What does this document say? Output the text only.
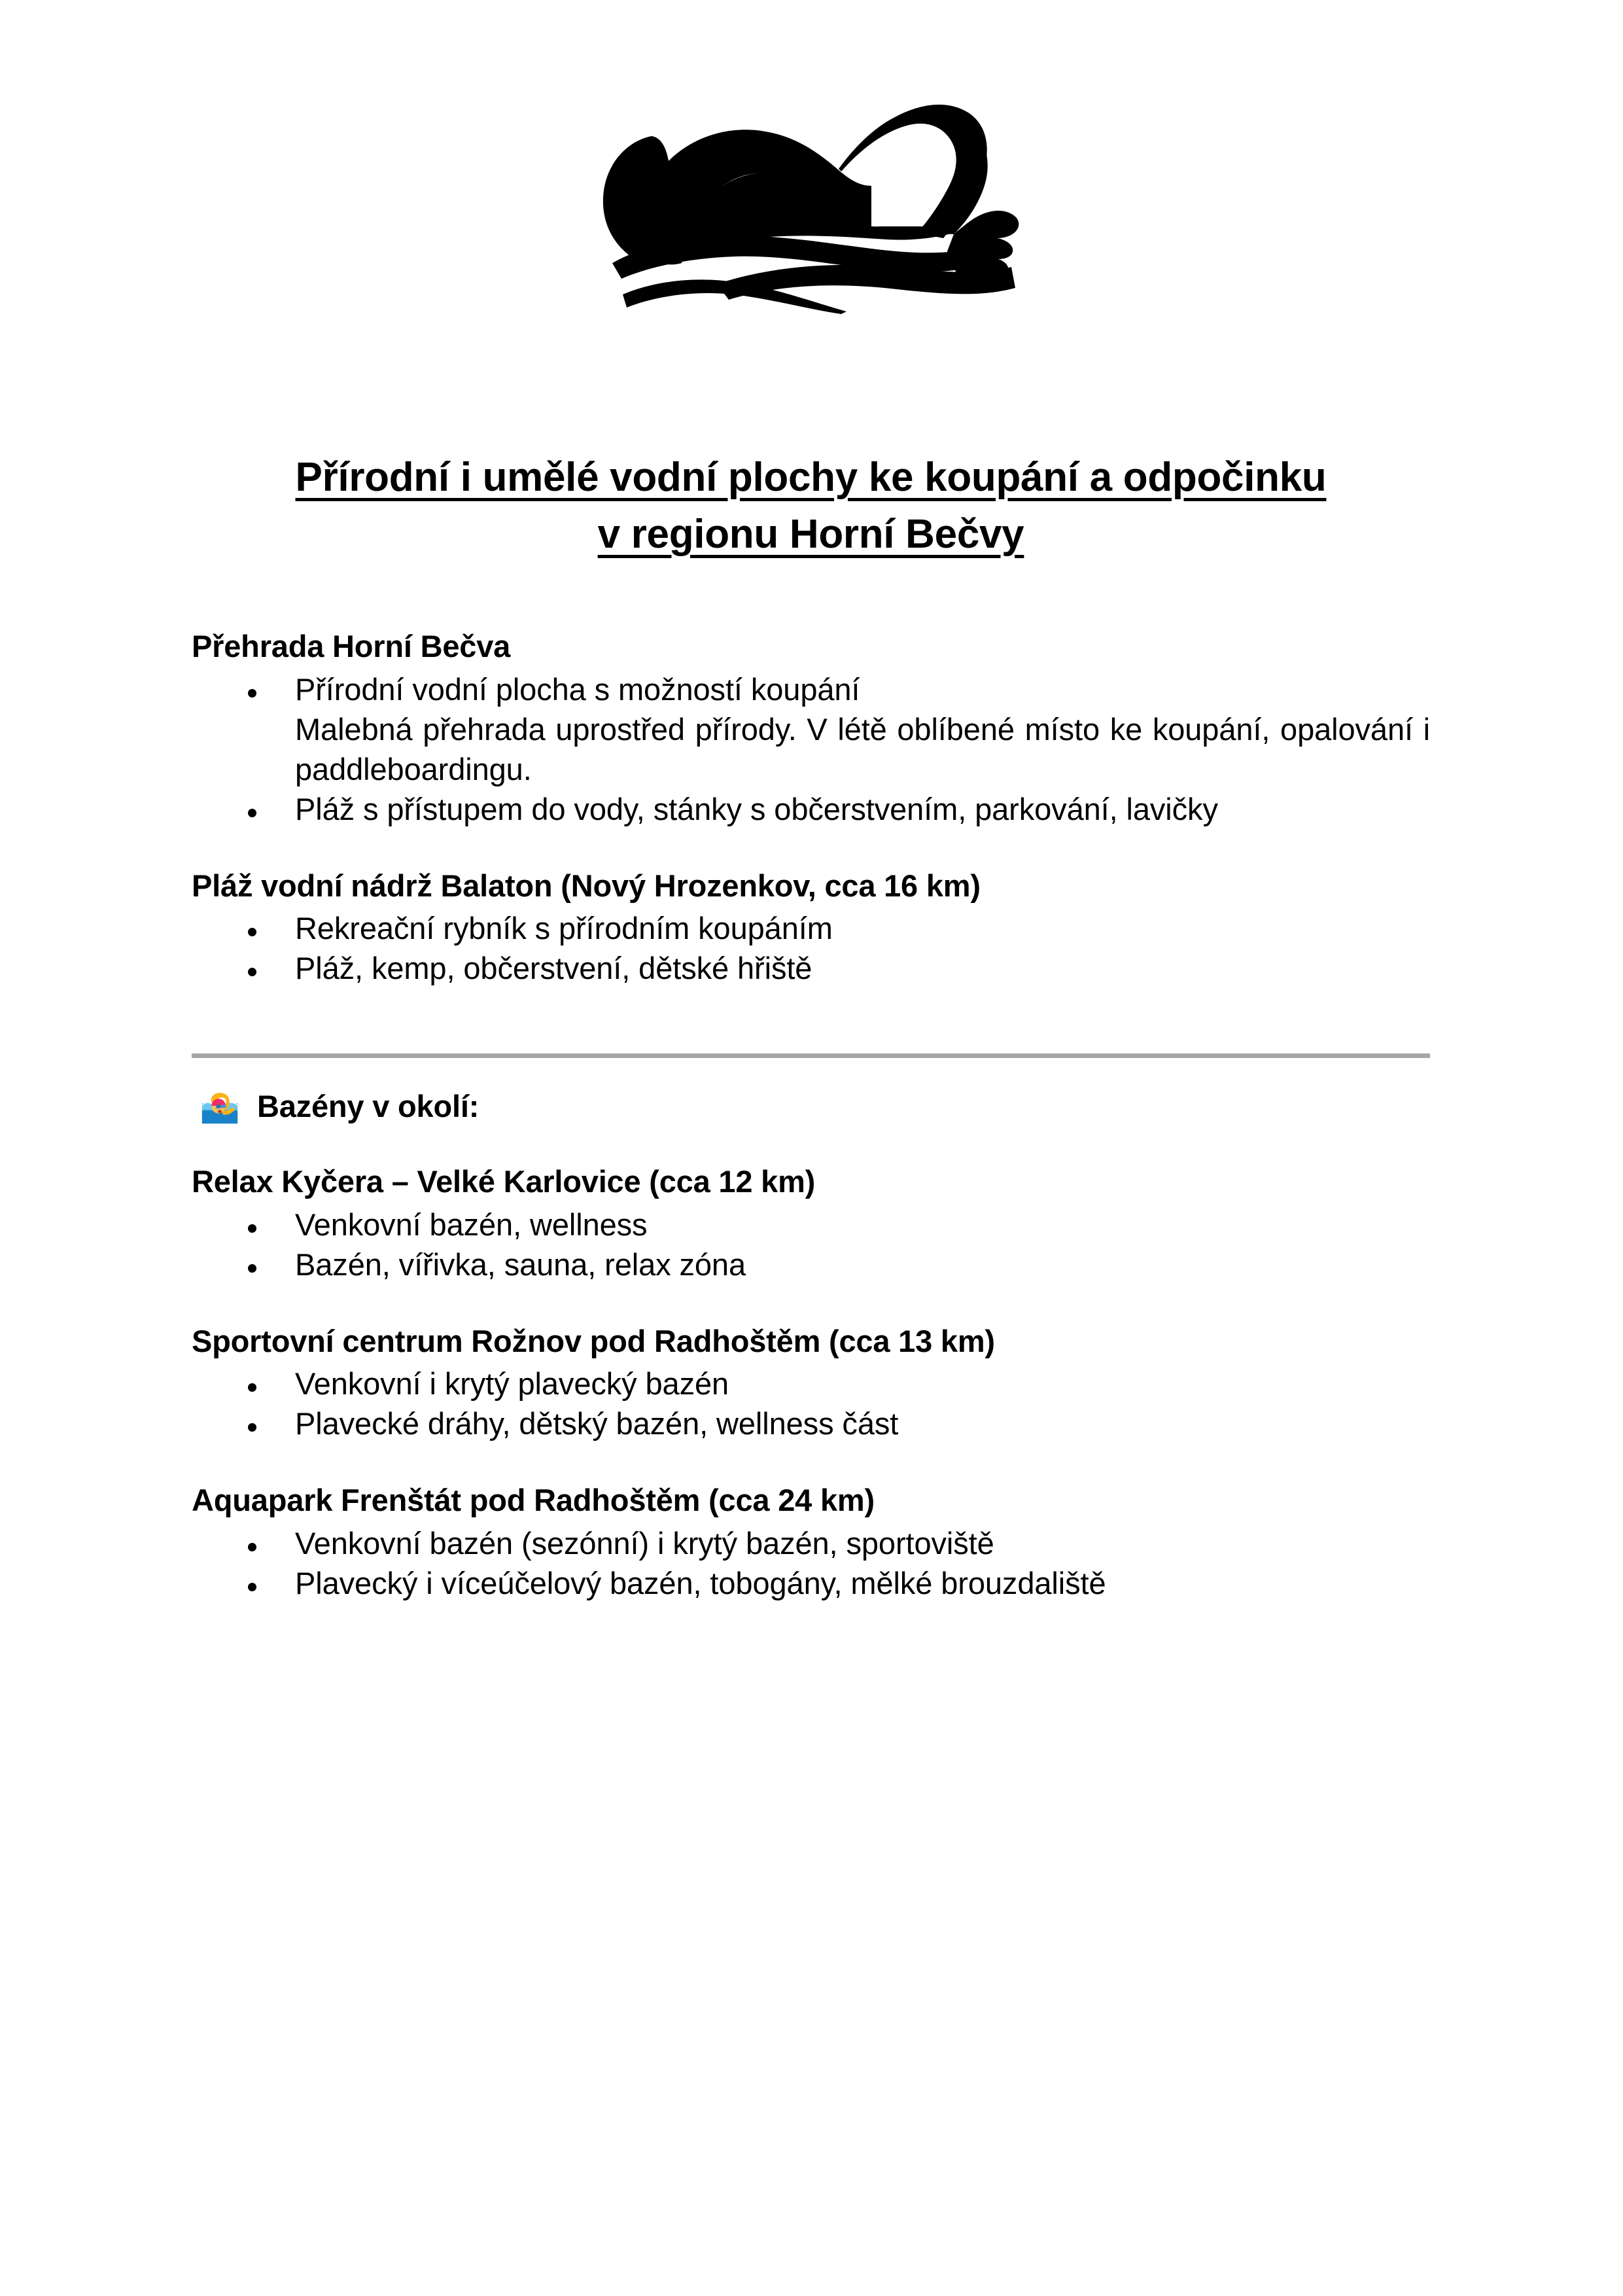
Přírodní i umělé vodní plochy ke koupání a odpočinku
v regionu Horní Bečvy
Přehrada Horní Bečva
Přírodní vodní plocha s možností koupání
Malebná přehrada uprostřed přírody. V létě oblíbené místo ke koupání, opalování i paddleboardingu.
Pláž s přístupem do vody, stánky s občerstvením, parkování, lavičky
Pláž vodní nádrž Balaton (Nový Hrozenkov, cca 16 km)
Rekreační rybník s přírodním koupáním
Pláž, kemp, občerstvení, dětské hřiště
Bazény v okolí:
Relax Kyčera – Velké Karlovice (cca 12 km)
Venkovní bazén, wellness
Bazén, vířivka, sauna, relax zóna
Sportovní centrum Rožnov pod Radhoštěm (cca 13 km)
Venkovní i krytý plavecký bazén
Plavecké dráhy, dětský bazén, wellness část
Aquapark Frenštát pod Radhoštěm (cca 24 km)
Venkovní bazén (sezónní) i krytý bazén, sportoviště
Plavecký i víceúčelový bazén, tobogány, mělké brouzdaliště
